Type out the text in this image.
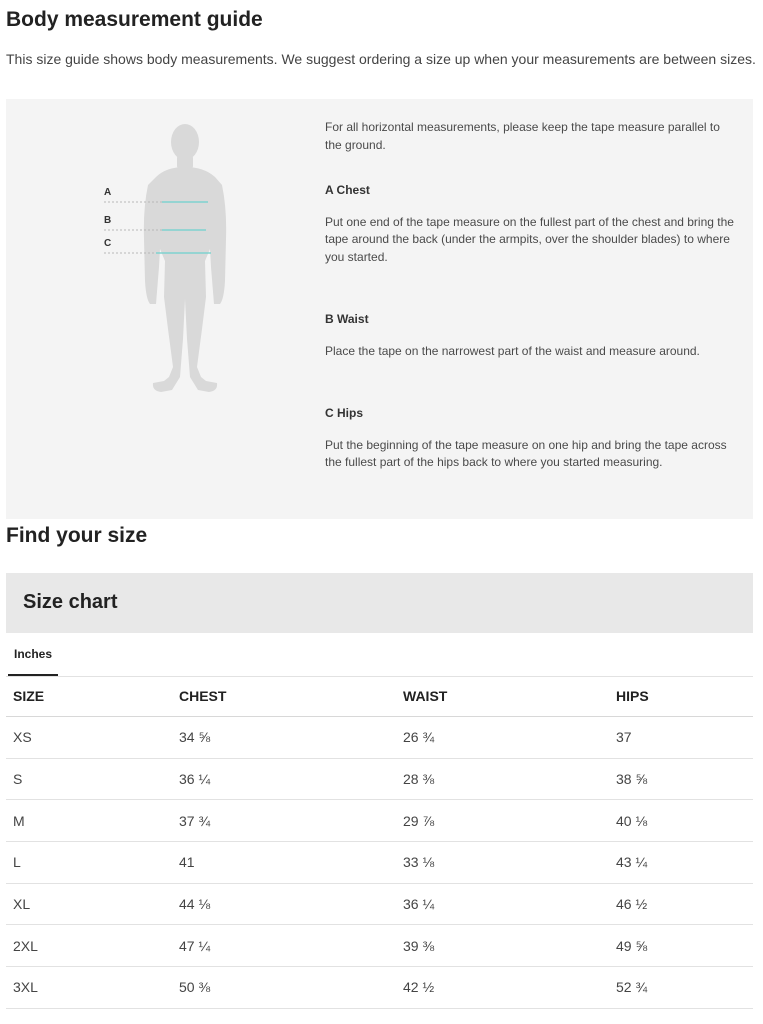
Body measurement guide

This size guide shows body measurements. We suggest ordering a size up when your measurements are between sizes.

A
B
C

For all horizontal measurements, please keep the tape measure parallel to the ground.

A Chest

Put one end of the tape measure on the fullest part of the chest and bring the tape around the back (under the armpits, over the shoulder blades) to where you started.

B Waist

Place the tape on the narrowest part of the waist and measure around.

C Hips

Put the beginning of the tape measure on one hip and bring the tape across the fullest part of the hips back to where you started measuring.

Find your size
Size chart
Inches
SIZE	CHEST	WAIST	HIPS
XS	34 ⅝	26 ¾	37
S	36 ¼	28 ⅜	38 ⅝
M	37 ¾	29 ⅞	40 ⅛
L	41	33 ⅛	43 ¼
XL	44 ⅛	36 ¼	46 ½
2XL	47 ¼	39 ⅜	49 ⅝
3XL	50 ⅜	42 ½	52 ¾
